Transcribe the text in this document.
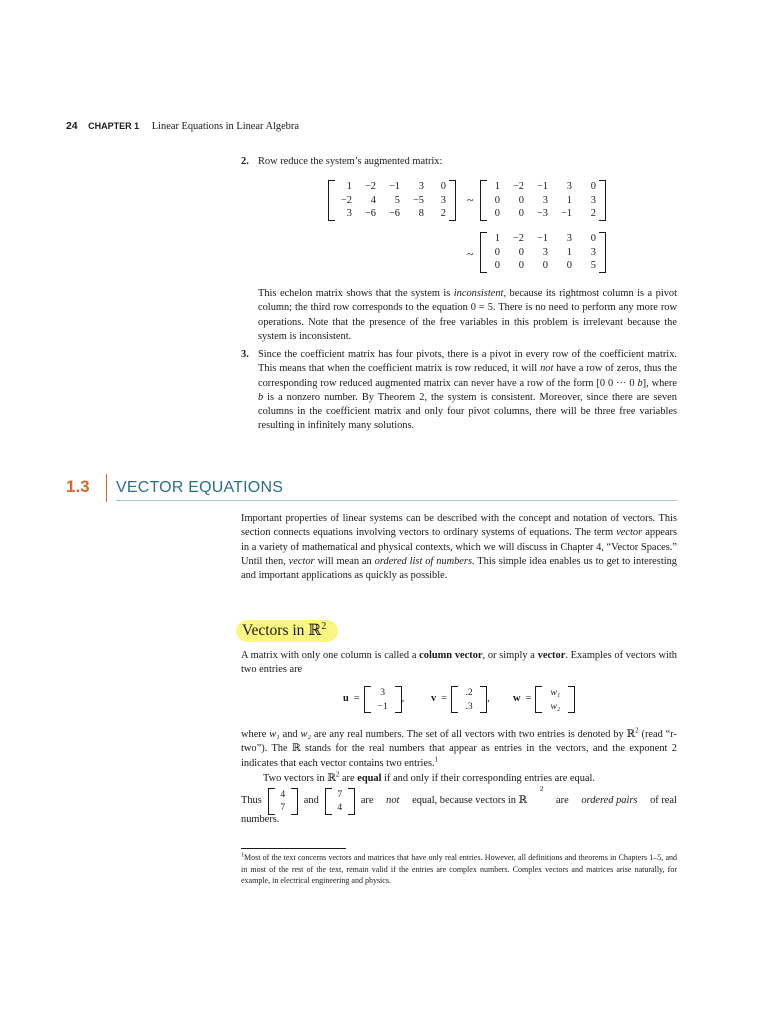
24 CHAPTER 1 Linear Equations in Linear Algebra
2. Row reduce the system’s augmented matrix:
1	−2	−1	3	0
−2	4	5	−5	3
3	−6	−6	8	2
~
1	−2	−1	3	0
0	0	3	1	3
0	0	−3	−1	2
~
1	−2	−1	3	0
0	0	3	1	3
0	0	0	0	5

This echelon matrix shows that the system is inconsistent, because its rightmost column is a pivot column; the third row corresponds to the equation 0 = 5. There is no need to perform any more row operations. Note that the presence of the free variables in this problem is irrelevant because the system is inconsistent.

3. Since the coefficient matrix has four pivots, there is a pivot in every row of the coefficient matrix. This means that when the coefficient matrix is row reduced, it will not have a row of zeros, thus the corresponding row reduced augmented matrix can never have a row of the form [0 0 ··· 0 b], where b is a nonzero number. By Theorem 2, the system is consistent. Moreover, since there are seven columns in the coefficient matrix and only four pivot columns, there will be three free variables resulting in infinitely many solutions.

1.3 VECTOR EQUATIONS

Important properties of linear systems can be described with the concept and notation of vectors. This section connects equations involving vectors to ordinary systems of equations. The term vector appears in a variety of mathematical and physical contexts, which we will discuss in Chapter 4, “Vector Spaces.” Until then, vector will mean an ordered list of numbers. This simple idea enables us to get to interesting and important applications as quickly as possible.

Vectors in ℝ$^2$

A matrix with only one column is called a column vector, or simply a vector. Examples of vectors with two entries are

u =
3
−1
,	v =
.2
.3
, w =
w₁
w₂

where w₁ and w₂ are any real numbers. The set of all vectors with two entries is denoted by ℝ$^2$ (read “r-two”). The ℝ stands for the real numbers that appear as entries in the vectors, and the exponent 2 indicates that each vector contains two entries.$^1$

Two vectors in ℝ$^2$ are equal if and only if their corresponding entries are equal.
Thus
4
7
and
7
4
are not equal, because vectors in ℝ
$^2$
are ordered pairs of real
numbers.

$^1$Most of the text concerns vectors and matrices that have only real entries. However, all definitions and theorems in Chapters 1–5, and in most of the rest of the text, remain valid if the entries are complex numbers. Complex vectors and matrices arise naturally, for example, in electrical engineering and physics.
